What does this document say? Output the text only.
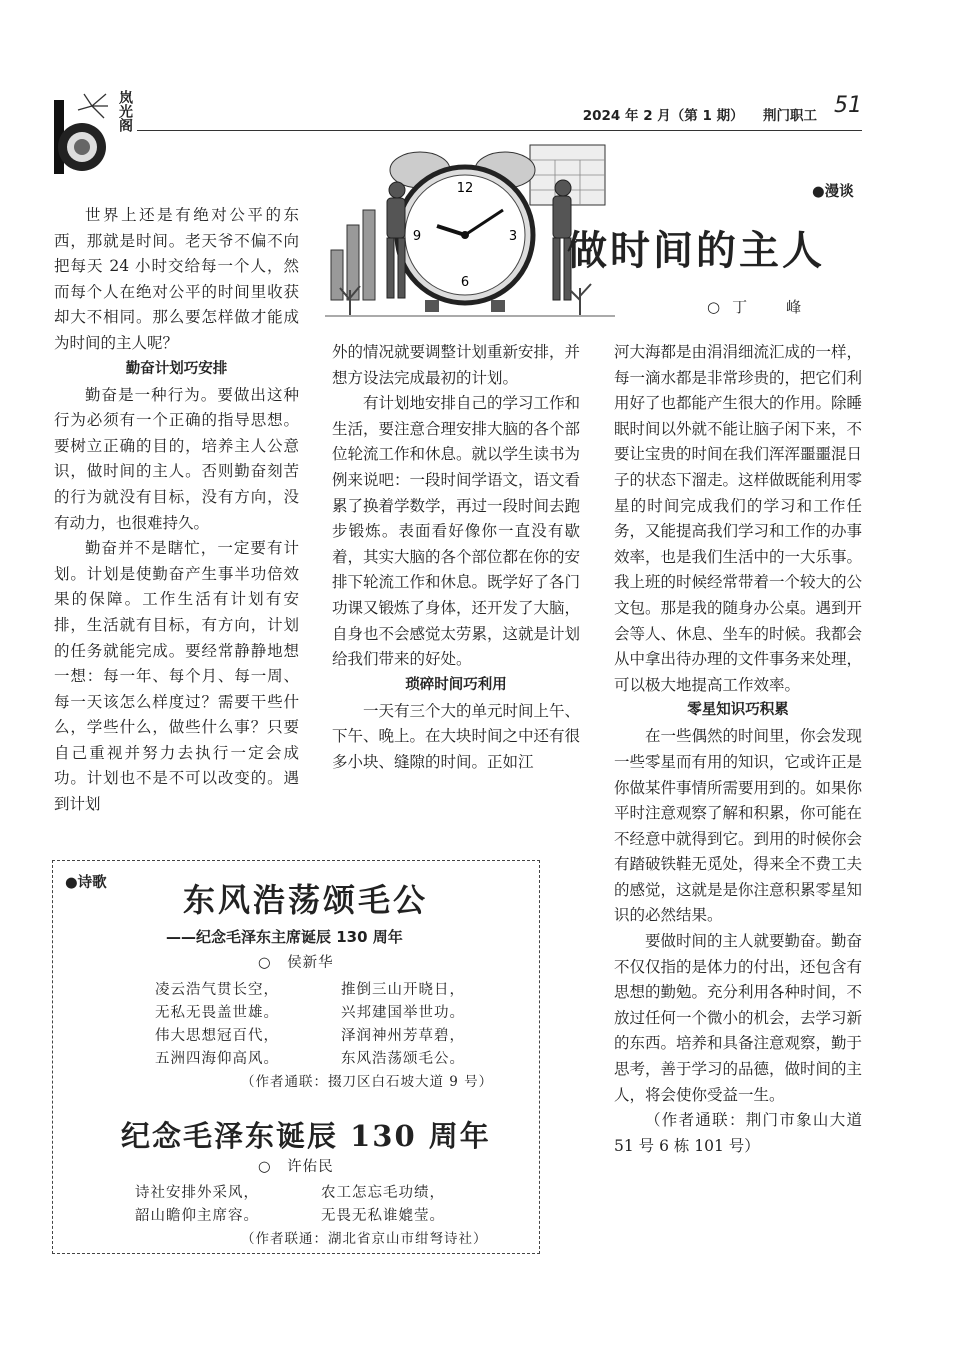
岚光阁	2024 年 2 月（第 1 期） 荆门职工 51
12
3
6
9
●漫谈
做时间的主人
○丁　峰

世界上还是有绝对公平的东西，那就是时间。老天爷不偏不向把每天 24 小时交给每一个人，然而每个人在绝对公平的时间里收获却大不相同。那么要怎样做才能成为时间的主人呢？

勤奋计划巧安排

勤奋是一种行为。要做出这种行为必须有一个正确的指导思想。要树立正确的目的，培养主人公意识，做时间的主人。否则勤奋刻苦的行为就没有目标，没有方向，没有动力，也很难持久。

勤奋并不是瞎忙，一定要有计划。计划是使勤奋产生事半功倍效果的保障。工作生活有计划有安排，生活就有目标，有方向，计划的任务就能完成。要经常静静地想一想：每一年、每个月、每一周、每一天该怎么样度过？需要干些什么，学些什么，做些什么事？只要自己重视并努力去执行一定会成功。计划也不是不可以改变的。遇到计划

外的情况就要调整计划重新安排，并想方设法完成最初的计划。

有计划地安排自己的学习工作和生活，要注意合理安排大脑的各个部位轮流工作和休息。就以学生读书为例来说吧：一段时间学语文，语文看累了换着学数学，再过一段时间去跑步锻炼。表面看好像你一直没有歇着，其实大脑的各个部位都在你的安排下轮流工作和休息。既学好了各门功课又锻炼了身体，还开发了大脑，自身也不会感觉太劳累，这就是计划给我们带来的好处。

琐碎时间巧利用

一天有三个大的单元时间上午、下午、晚上。在大块时间之中还有很多小块、缝隙的时间。正如江

河大海都是由涓涓细流汇成的一样，每一滴水都是非常珍贵的，把它们利用好了也都能产生很大的作用。除睡眠时间以外就不能让脑子闲下来，不要让宝贵的时间在我们浑浑噩噩混日子的状态下溜走。这样做既能利用零星的时间完成我们的学习和工作任务，又能提高我们学习和工作的办事效率，也是我们生活中的一大乐事。我上班的时候经常带着一个较大的公文包。那是我的随身办公桌。遇到开会等人、休息、坐车的时候。我都会从中拿出待办理的文件事务来处理，可以极大地提高工作效率。

零星知识巧积累

在一些偶然的时间里，你会发现一些零星而有用的知识，它或许正是你做某件事情所需要用到的。如果你平时注意观察了解和积累，你可能在不经意中就得到它。到用的时候你会有踏破铁鞋无觅处，得来全不费工夫的感觉，这就是是你注意积累零星知识的必然结果。

要做时间的主人就要勤奋。勤奋不仅仅指的是体力的付出，还包含有思想的勤勉。充分利用各种时间，不放过任何一个微小的机会，去学习新的东西。培养和具备注意观察，勤于思考，善于学习的品德，做时间的主人，将会使你受益一生。

（作者通联：荆门市象山大道 51 号 6 栋 101 号）

●诗歌 东风浩荡颂毛公
——纪念毛泽东主席诞辰 130 周年
○　侯新华
凌云浩气贯长空，
无私无畏盖世雄。
伟大思想冠百代，
五洲四海仰高风。
推倒三山开晓日，
兴邦建国举世功。
泽润神州芳草碧，
东风浩荡颂毛公。
（作者通联：掇刀区白石坡大道 9 号）
纪念毛泽东诞辰 130 周年
○　许佑民
诗社安排外采风，
韶山瞻仰主席容。
农工怎忘毛功绩，
无畏无私谁媲莹。
（作者联通：湖北省京山市绀弩诗社）
